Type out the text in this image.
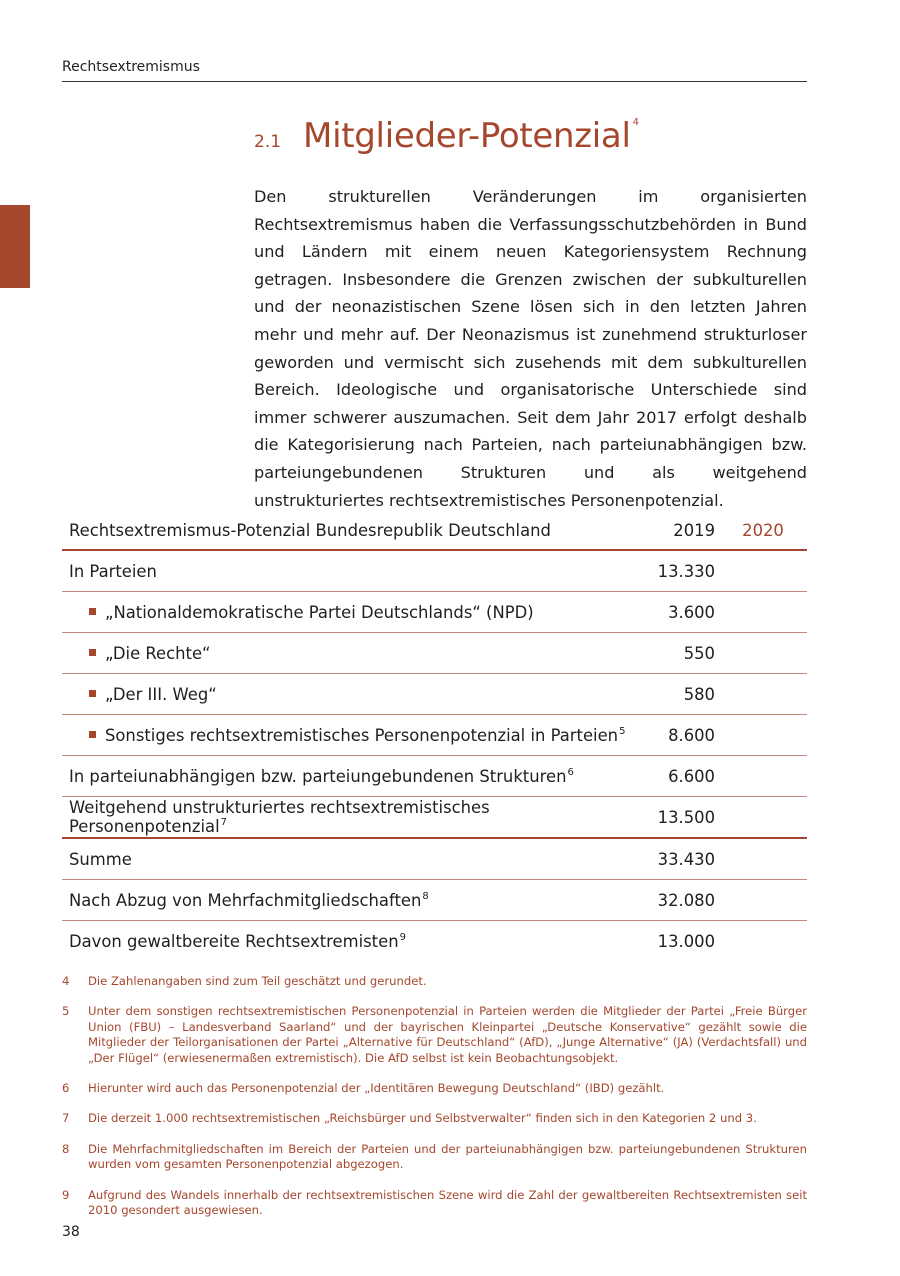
Rechtsextremismus
2.1 Mitglieder-Potenzial $^4$

Den strukturellen Veränderungen im organisierten Rechtsextremismus haben die Verfassungsschutzbehörden in Bund und Ländern mit einem neuen Kategoriensystem Rechnung getragen. Insbesondere die Grenzen zwischen der subkulturellen und der neonazistischen Szene lösen sich in den letzten Jahren mehr und mehr auf. Der Neonazismus ist zunehmend strukturloser geworden und vermischt sich zusehends mit dem subkulturellen Bereich. Ideologische und organisatorische Unterschiede sind immer schwerer auszumachen. Seit dem Jahr 2017 erfolgt deshalb die Kategorisierung nach Parteien, nach parteiunabhängigen bzw. parteiungebundenen Strukturen und als weitgehend unstrukturiertes rechtsextremistisches Personenpotenzial.

Rechtsextremismus-Potenzial Bundesrepublik Deutschland	2019	2020
In Parteien	13.330	

„Nationaldemokratische Partei Deutschlands“ (NPD)	3.600	

„Die Rechte“	550	

„Der III. Weg“	580	

Sonstiges rechtsextremistisches Personenpotenzial in Parteien$^5$	8.600	
In parteiunabhängigen bzw. parteiungebundenen Strukturen$^6$	6.600	
Weitgehend unstrukturiertes rechtsextremistisches Personenpotenzial$^7$	13.500	
Summe	33.430	
Nach Abzug von Mehrfachmitgliedschaften$^8$	32.080	
Davon gewaltbereite Rechtsextremisten$^9$	13.000	
4 Die Zahlenangaben sind zum Teil geschätzt und gerundet.
5 Unter dem sonstigen rechtsextremistischen Personenpotenzial in Parteien werden die Mitglieder der Partei „Freie Bürger Union (FBU) – Landesverband Saarland“ und der bayrischen Kleinpartei „Deutsche Konservative“ gezählt sowie die Mitglieder der Teilorganisationen der Partei „Alternative für Deutschland“ (AfD), „Junge Alternative“ (JA) (Verdachtsfall) und „Der Flügel“ (erwiesenermaßen extremistisch). Die AfD selbst ist kein Beobachtungsobjekt.
6 Hierunter wird auch das Personenpotenzial der „Identitären Bewegung Deutschland“ (IBD) gezählt.
7 Die derzeit 1.000 rechtsextremistischen „Reichsbürger und Selbstverwalter“ finden sich in den Kategorien 2 und 3.
8 Die Mehrfachmitgliedschaften im Bereich der Parteien und der parteiunabhängigen bzw. parteiungebundenen Strukturen wurden vom gesamten Personenpotenzial abgezogen.
9 Aufgrund des Wandels innerhalb der rechtsextremistischen Szene wird die Zahl der gewaltbereiten Rechtsextremisten seit 2010 gesondert ausgewiesen.
38
